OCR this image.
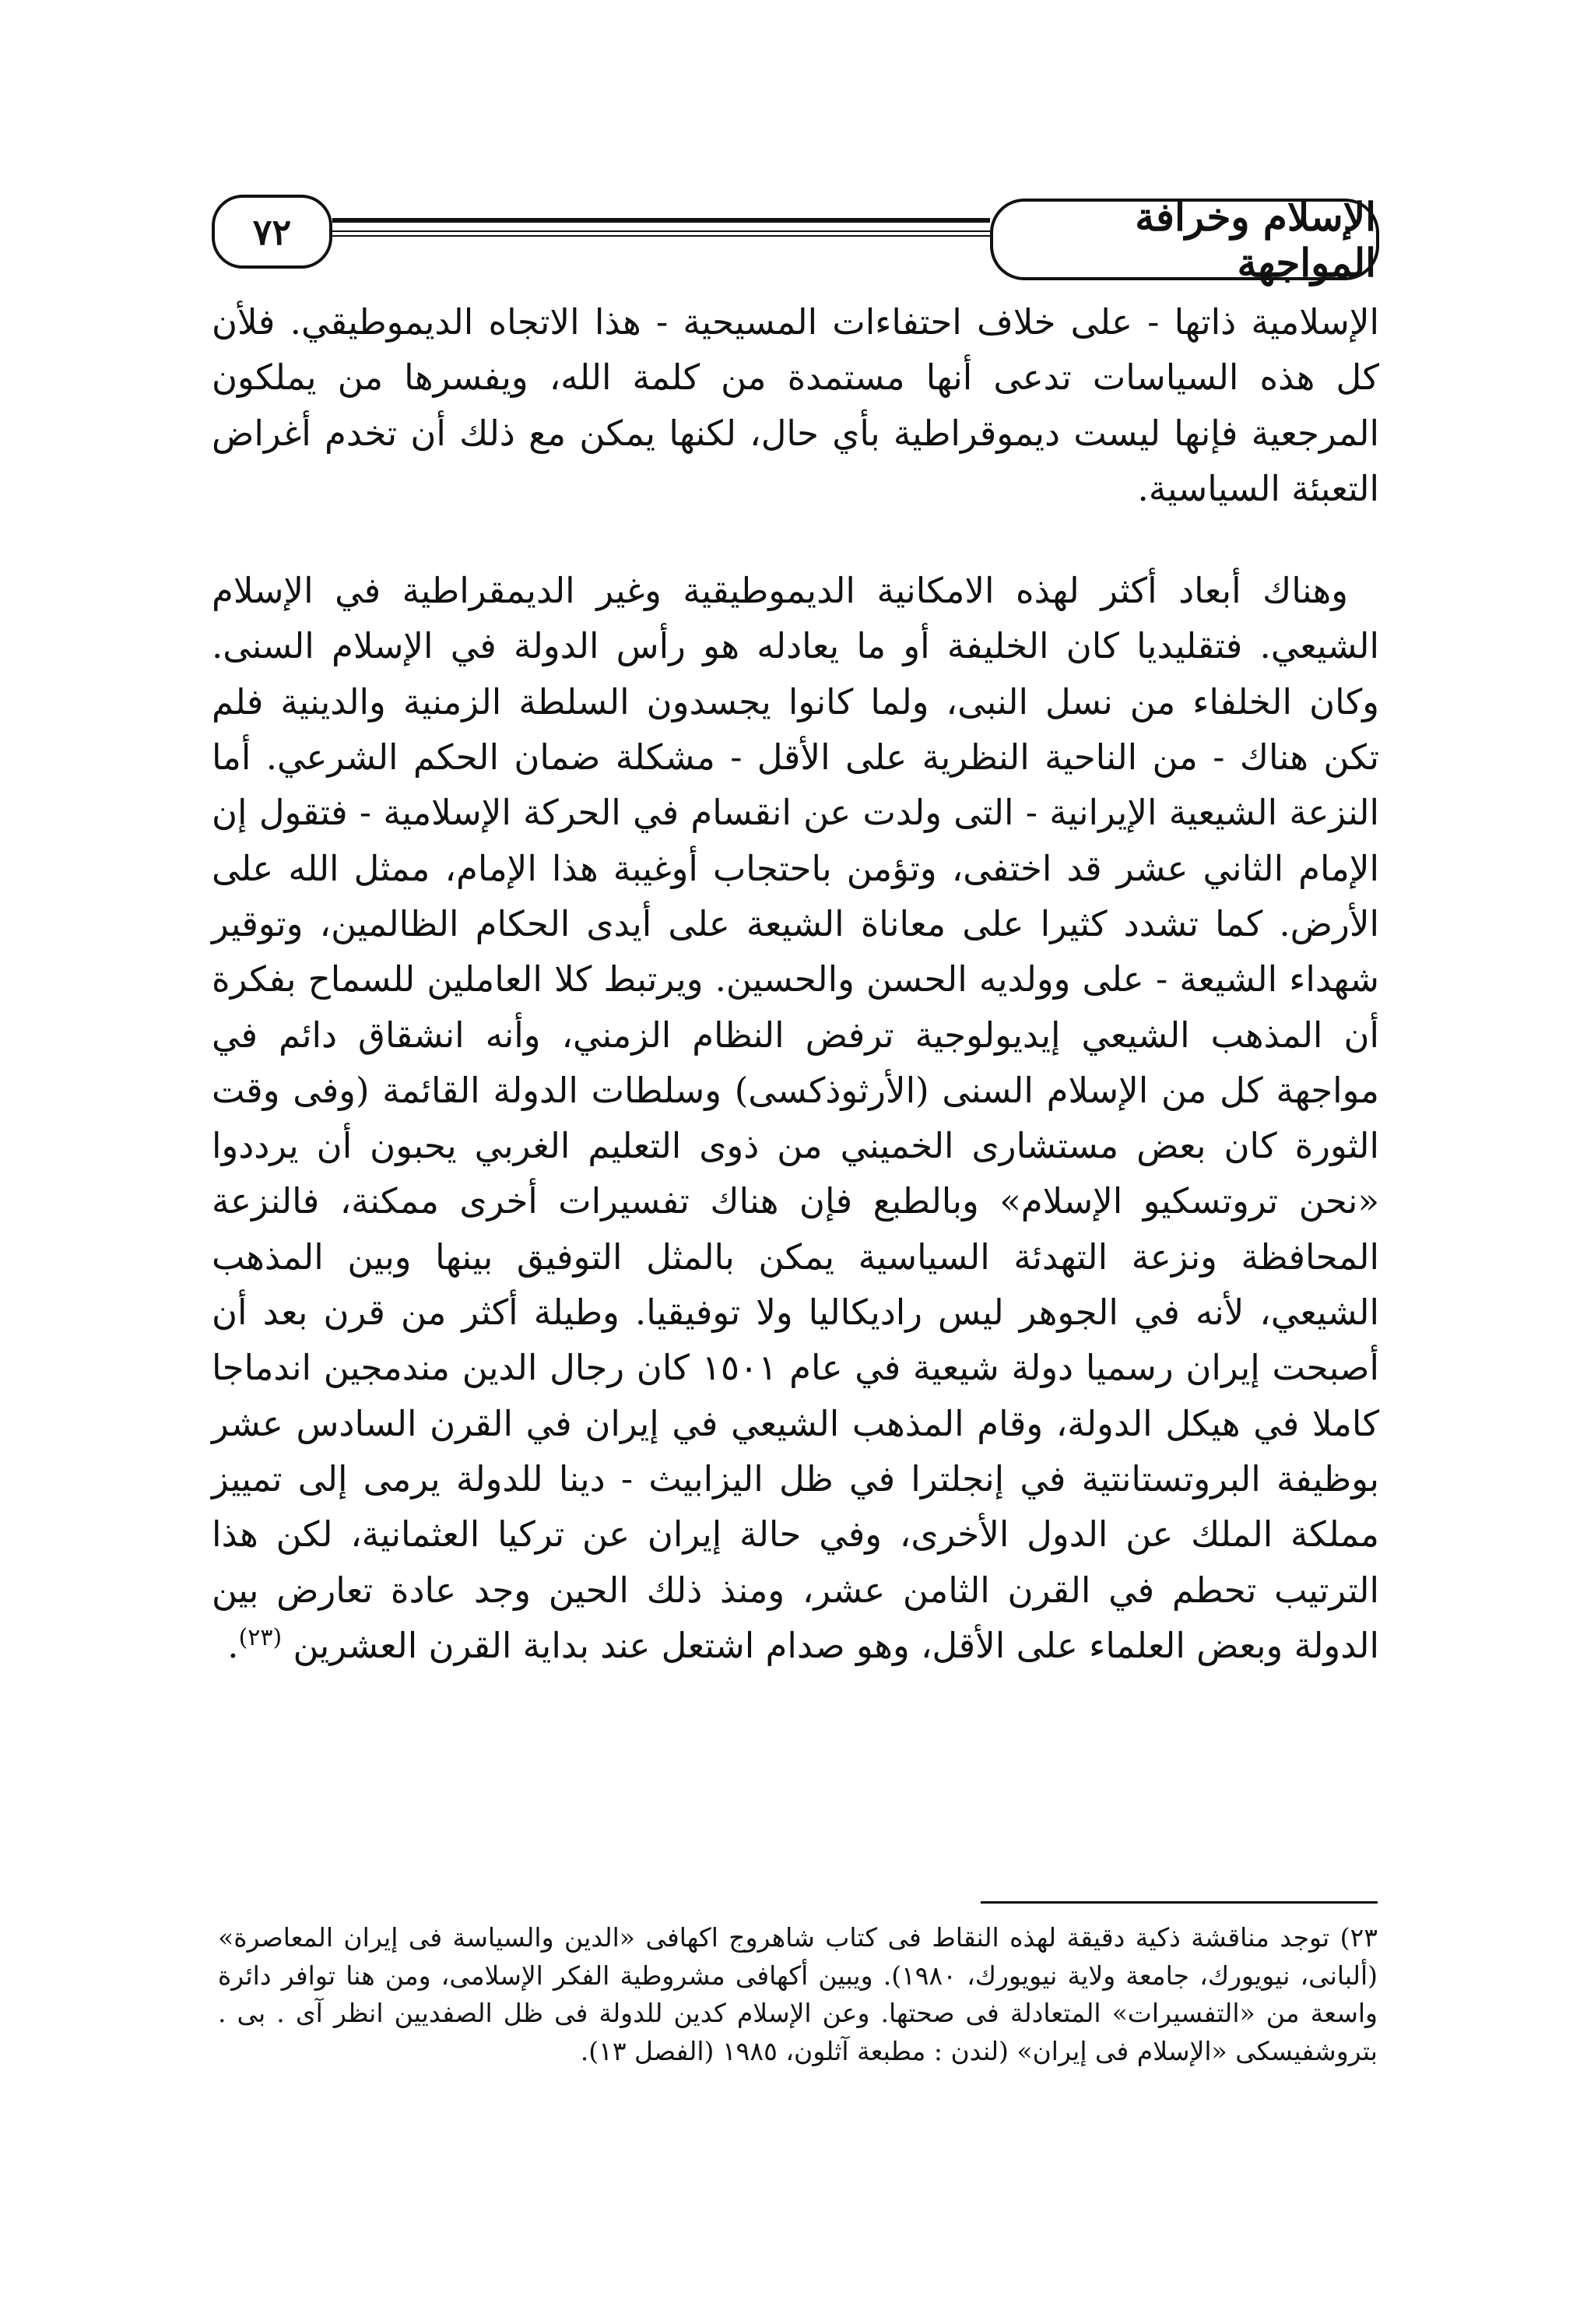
٧٢	الإسلام وخرافة المواجهة

الإسلامية ذاتها - على خلاف احتفاءات المسيحية - هذا الاتجاه الديموطيقي. فلأن كل هذه السياسات تدعى أنها مستمدة من كلمة الله، ويفسرها من يملكون المرجعية فإنها ليست ديموقراطية بأي حال، لكنها يمكن مع ذلك أن تخدم أغراض التعبئة السياسية.

وهناك أبعاد أكثر لهذه الامكانية الديموطيقية وغير الديمقراطية في الإسلام الشيعي. فتقليديا كان الخليفة أو ما يعادله هو رأس الدولة في الإسلام السنى. وكان الخلفاء من نسل النبى، ولما كانوا يجسدون السلطة الزمنية والدينية فلم تكن هناك - من الناحية النظرية على الأقل - مشكلة ضمان الحكم الشرعي. أما النزعة الشيعية الإيرانية - التى ولدت عن انقسام في الحركة الإسلامية - فتقول إن الإمام الثاني عشر قد اختفى، وتؤمن باحتجاب أوغيبة هذا الإمام، ممثل الله على الأرض. كما تشدد كثيرا على معاناة الشيعة على أيدى الحكام الظالمين، وتوقير شهداء الشيعة - على وولديه الحسن والحسين. ويرتبط كلا العاملين للسماح بفكرة أن المذهب الشيعي إيديولوجية ترفض النظام الزمني، وأنه انشقاق دائم في مواجهة كل من الإسلام السنى (الأرثوذكسى) وسلطات الدولة القائمة (وفى وقت الثورة كان بعض مستشارى الخميني من ذوى التعليم الغربي يحبون أن يرددوا «نحن تروتسكيو الإسلام» وبالطبع فإن هناك تفسيرات أخرى ممكنة، فالنزعة المحافظة ونزعة التهدئة السياسية يمكن بالمثل التوفيق بينها وبين المذهب الشيعي، لأنه في الجوهر ليس راديكاليا ولا توفيقيا. وطيلة أكثر من قرن بعد أن أصبحت إيران رسميا دولة شيعية في عام ١٥٠١ كان رجال الدين مندمجين اندماجا كاملا في هيكل الدولة، وقام المذهب الشيعي في إيران في القرن السادس عشر بوظيفة البروتستانتية في إنجلترا في ظل اليزابيث - دينا للدولة يرمى إلى تمييز مملكة الملك عن الدول الأخرى، وفي حالة إيران عن تركيا العثمانية، لكن هذا الترتيب تحطم في القرن الثامن عشر، ومنذ ذلك الحين وجد عادة تعارض بين الدولة وبعض العلماء على الأقل، وهو صدام اشتعل عند بداية القرن العشرين $^{(٢٣)}$.

٢٣) توجد مناقشة ذكية دقيقة لهذه النقاط فى كتاب شاهروج اكهافى «الدين والسياسة فى إيران المعاصرة» (ألبانى، نيويورك، جامعة ولاية نيويورك، ١٩٨٠). ويبين أكهافى مشروطية الفكر الإسلامى، ومن هنا توافر دائرة واسعة من «التفسيرات» المتعادلة فى صحتها. وعن الإسلام كدين للدولة فى ظل الصفديين انظر آى . بى . بتروشفيسكى «الإسلام فى إيران» (لندن : مطبعة آثلون، ١٩٨٥ (الفصل ١٣).
